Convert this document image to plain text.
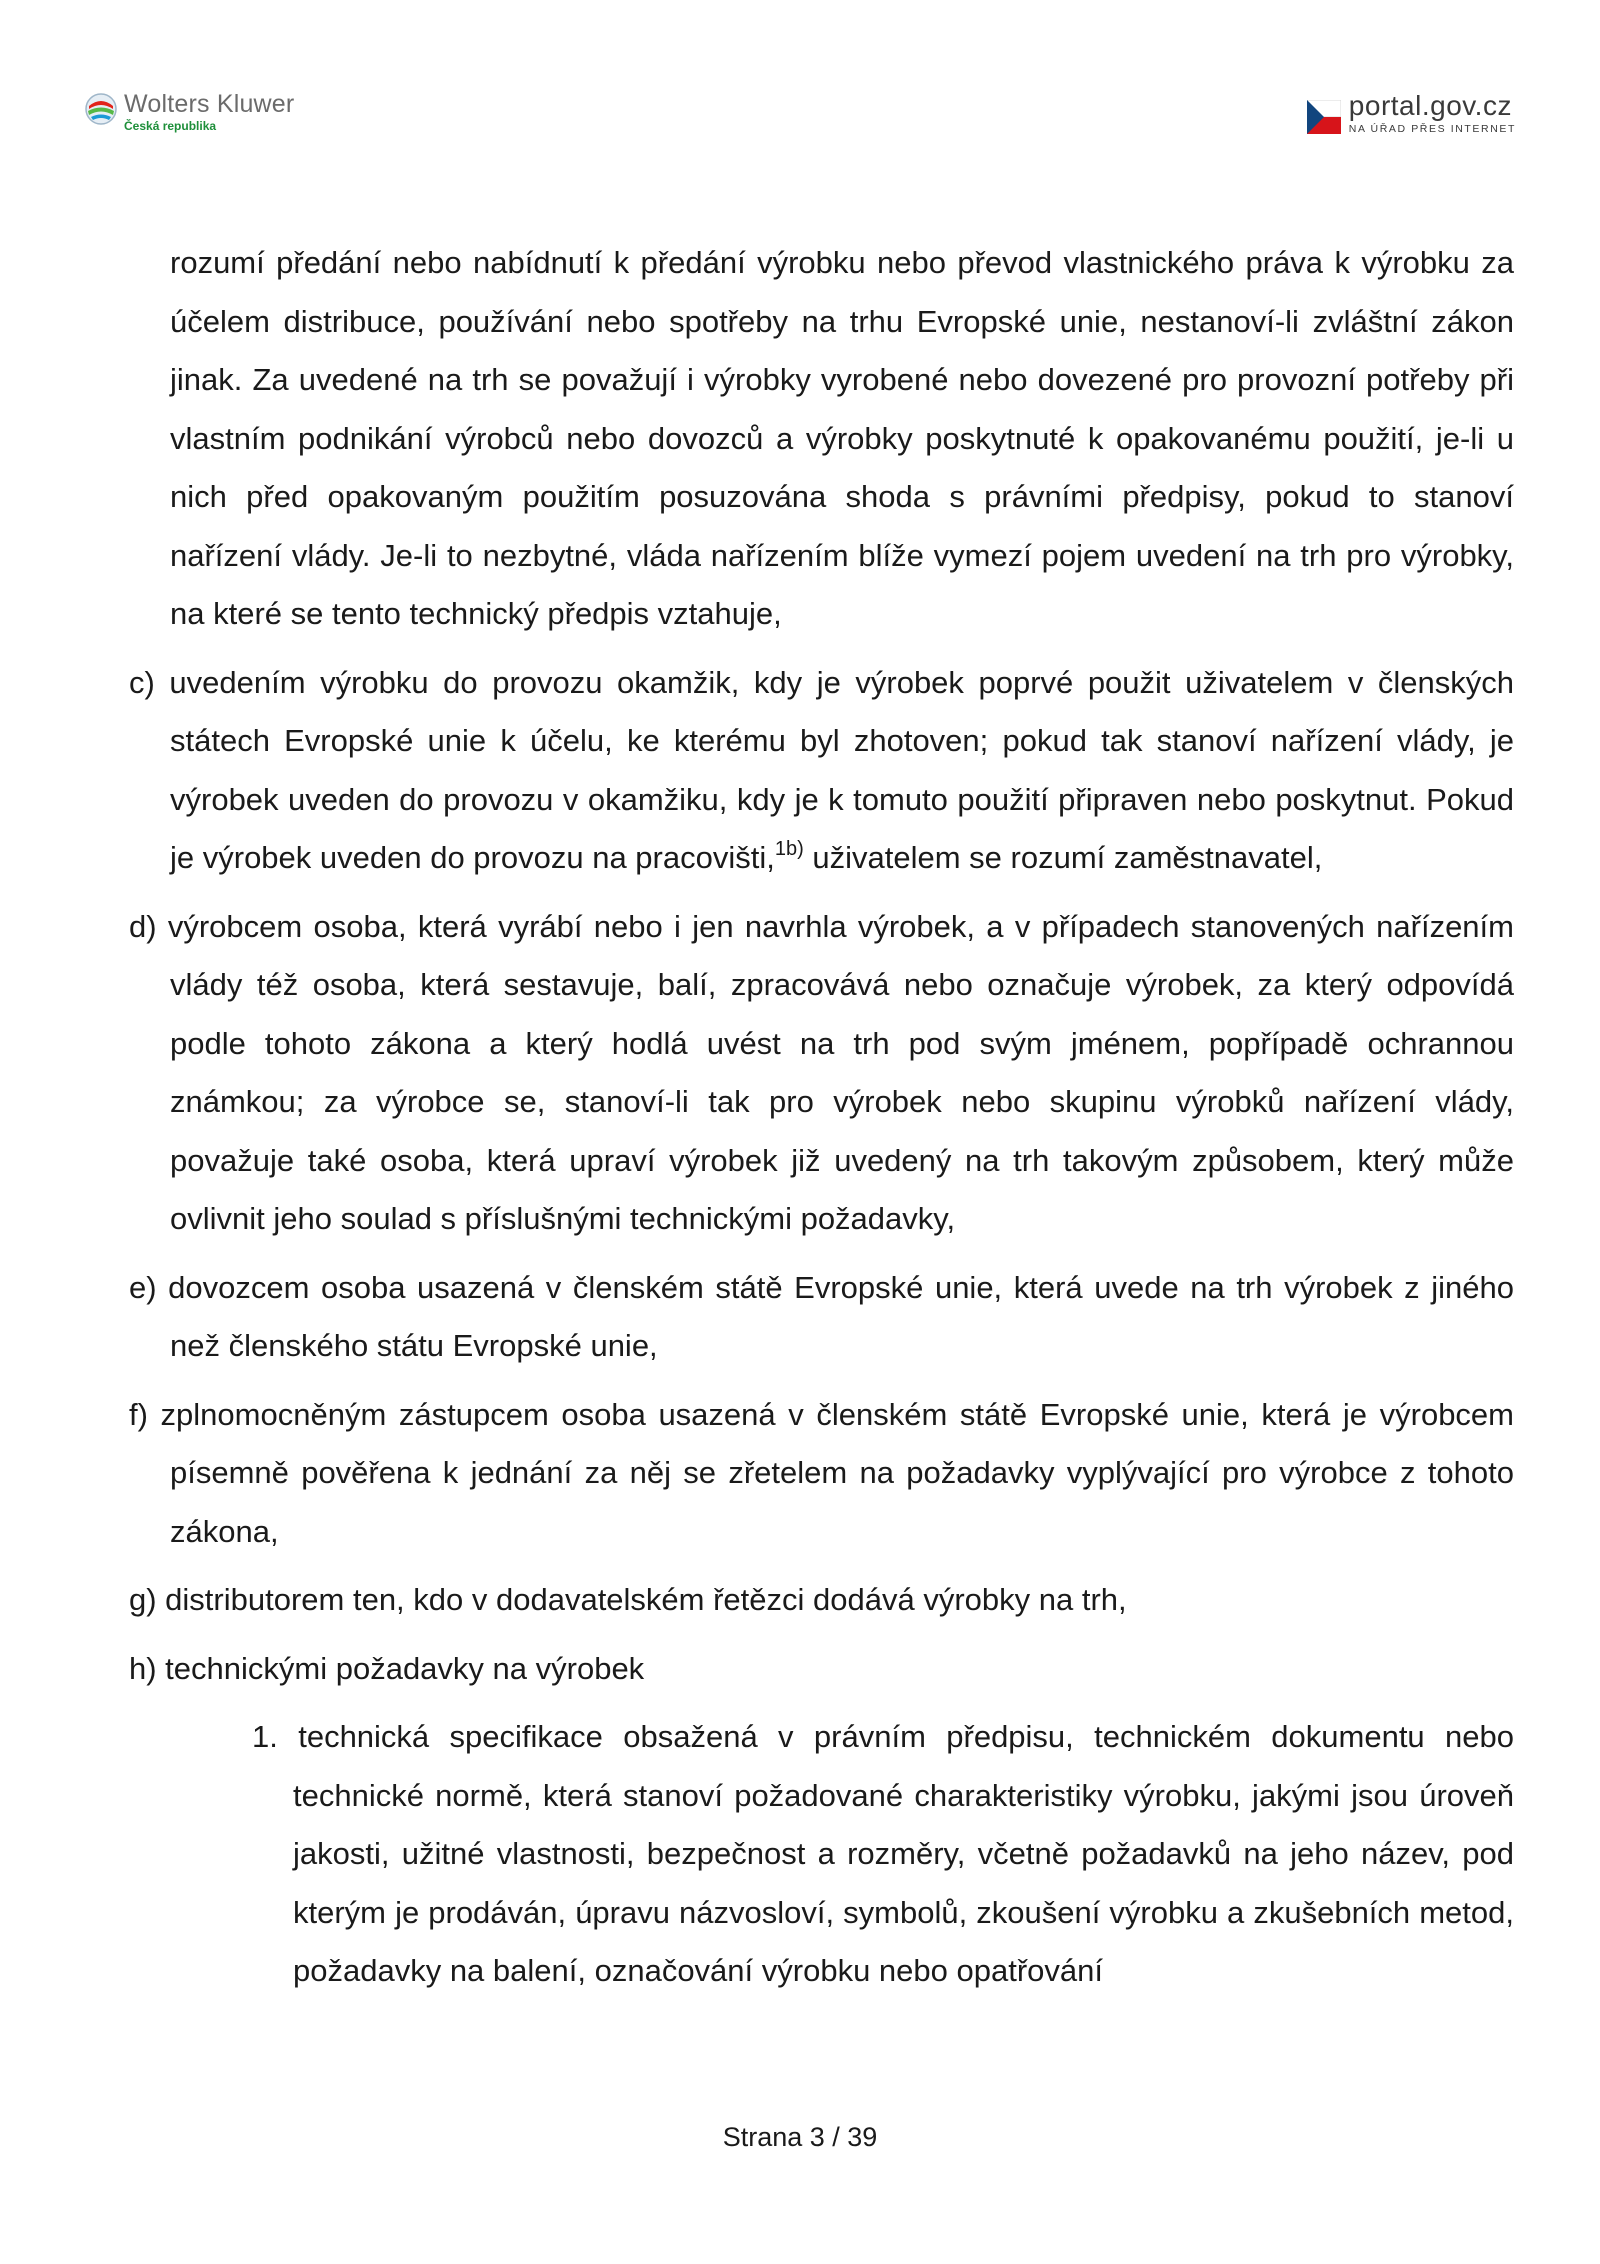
Wolters Kluwer
Česká republika
portal.gov.cz
NA ÚŘAD PŘES INTERNET

rozumí předání nebo nabídnutí k předání výrobku nebo převod vlastnického práva k výrobku za účelem distribuce, používání nebo spotřeby na trhu Evropské unie, nestanoví-li zvláštní zákon jinak. Za uvedené na trh se považují i výrobky vyrobené nebo dovezené pro provozní potřeby při vlastním podnikání výrobců nebo dovozců a výrobky poskytnuté k opakovanému použití, je-li u nich před opakovaným použitím posuzována shoda s právními předpisy, pokud to stanoví nařízení vlády. Je-li to nezbytné, vláda nařízením blíže vymezí pojem uvedení na trh pro výrobky, na které se tento technický předpis vztahuje,

c) uvedením výrobku do provozu okamžik, kdy je výrobek poprvé použit uživatelem v členských státech Evropské unie k účelu, ke kterému byl zhotoven; pokud tak stanoví nařízení vlády, je výrobek uveden do provozu v okamžiku, kdy je k tomuto použití připraven nebo poskytnut. Pokud je výrobek uveden do provozu na pracovišti,$^{1b)}$ uživatelem se rozumí zaměstnavatel,

d) výrobcem osoba, která vyrábí nebo i jen navrhla výrobek, a v případech stanovených nařízením vlády též osoba, která sestavuje, balí, zpracovává nebo označuje výrobek, za který odpovídá podle tohoto zákona a který hodlá uvést na trh pod svým jménem, popřípadě ochrannou známkou; za výrobce se, stanoví-li tak pro výrobek nebo skupinu výrobků nařízení vlády, považuje také osoba, která upraví výrobek již uvedený na trh takovým způsobem, který může ovlivnit jeho soulad s příslušnými technickými požadavky,

e) dovozcem osoba usazená v členském státě Evropské unie, která uvede na trh výrobek z jiného než členského státu Evropské unie,

f) zplnomocněným zástupcem osoba usazená v členském státě Evropské unie, která je výrobcem písemně pověřena k jednání za něj se zřetelem na požadavky vyplývající pro výrobce z tohoto zákona,

g) distributorem ten, kdo v dodavatelském řetězci dodává výrobky na trh,

h) technickými požadavky na výrobek

1. technická specifikace obsažená v právním předpisu, technickém dokumentu nebo technické normě, která stanoví požadované charakteristiky výrobku, jakými jsou úroveň jakosti, užitné vlastnosti, bezpečnost a rozměry, včetně požadavků na jeho název, pod kterým je prodáván, úpravu názvosloví, symbolů, zkoušení výrobku a zkušebních metod, požadavky na balení, označování výrobku nebo opatřování

Strana 3 / 39
